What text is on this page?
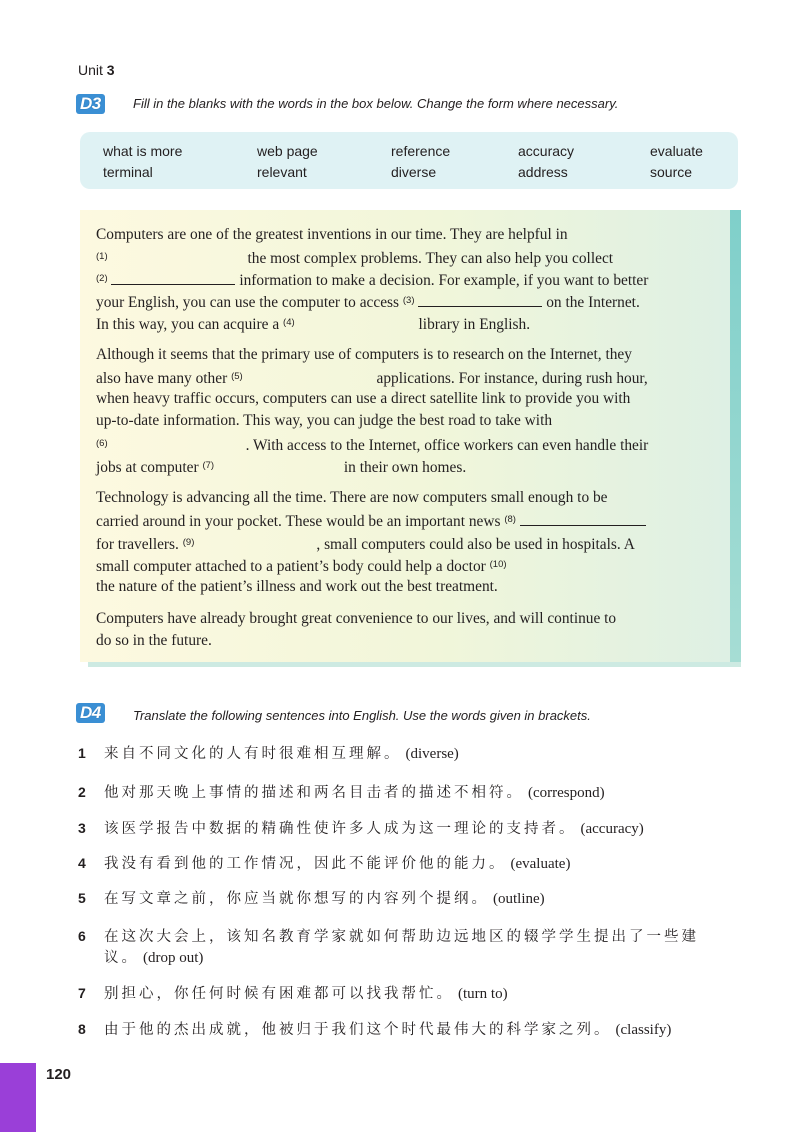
Unit 3
D3	Fill in the blanks with the words in the box below. Change the form where necessary.
what is more	web page	reference	accuracy	evaluate
terminal	relevant	diverse	address	source
Computers are one of the greatest inventions in our time. They are helpful in
$^{(1)}$	the most complex problems. They can also help you collect
$^{(2)}$	information to make a decision. For example, if you want to better
your English, you can use the computer to access $^{(3)}$	on the Internet.
In this way, you can acquire a $^{(4)}$	library in English.
Although it seems that the primary use of computers is to research on the Internet, they
also have many other $^{(5)}$	applications. For instance, during rush hour,
when heavy traffic occurs, computers can use a direct satellite link to provide you with
up-to-date information. This way, you can judge the best road to take with
$^{(6)}$	. With access to the Internet, office workers can even handle their
jobs at computer $^{(7)}$	in their own homes.
Technology is advancing all the time. There are now computers small enough to be
carried around in your pocket. These would be an important news $^{(8)}$
for travellers. $^{(9)}$	, small computers could also be used in hospitals. A
small computer attached to a patient’s body could help a doctor $^{(10)}$
the nature of the patient’s illness and work out the best treatment.
Computers have already brought great convenience to our lives, and will continue to
do so in the future.
D4	Translate the following sentences into English. Use the words given in brackets.
1 来自不同文化的人有时很难相互理解。 (diverse)
2 他对那天晚上事情的描述和两名目击者的描述不相符。 (correspond)
3 该医学报告中数据的精确性使许多人成为这一理论的支持者。 (accuracy)
4 我没有看到他的工作情况，因此不能评价他的能力。 (evaluate)
5 在写文章之前，你应当就你想写的内容列个提纲。 (outline)
6 在这次大会上，该知名教育学家就如何帮助边远地区的辍学学生提出了一些建
议。 (drop out)
7 别担心，你任何时候有困难都可以找我帮忙。 (turn to)
8 由于他的杰出成就，他被归于我们这个时代最伟大的科学家之列。 (classify)
120
